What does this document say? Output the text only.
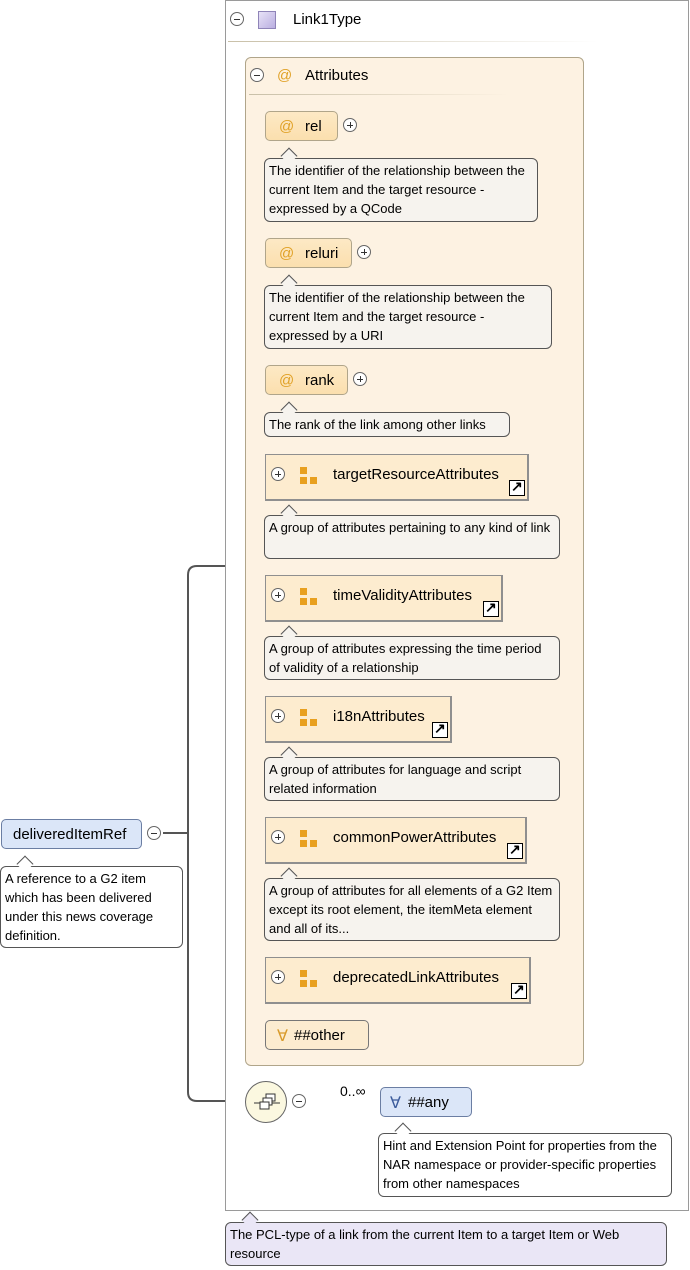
Link1Type
@ Attributes
@ rel
The identifier of the relationship between the current Item and the target resource - expressed by a QCode
@ reluri
The identifier of the relationship between the current Item and the target resource - expressed by a URI
@ rank
The rank of the link among other links
targetResourceAttributes
↗
A group of attributes pertaining to any kind of link
timeValidityAttributes
↗
A group of attributes expressing the time period of validity of a relationship
i18nAttributes
↗
A group of attributes for language and script related information
commonPowerAttributes
↗
A group of attributes for all elements of a G2 Item except its root element, the itemMeta element and all of its...
deprecatedLinkAttributes
↗
∀ ##other
0..∞
∀ ##any
Hint and Extension Point for properties from the NAR namespace or provider-specific properties from other namespaces
The PCL-type of a link from the current Item to a target Item or Web resource
deliveredItemRef
A reference to a G2 item which has been delivered under this news coverage definition.
